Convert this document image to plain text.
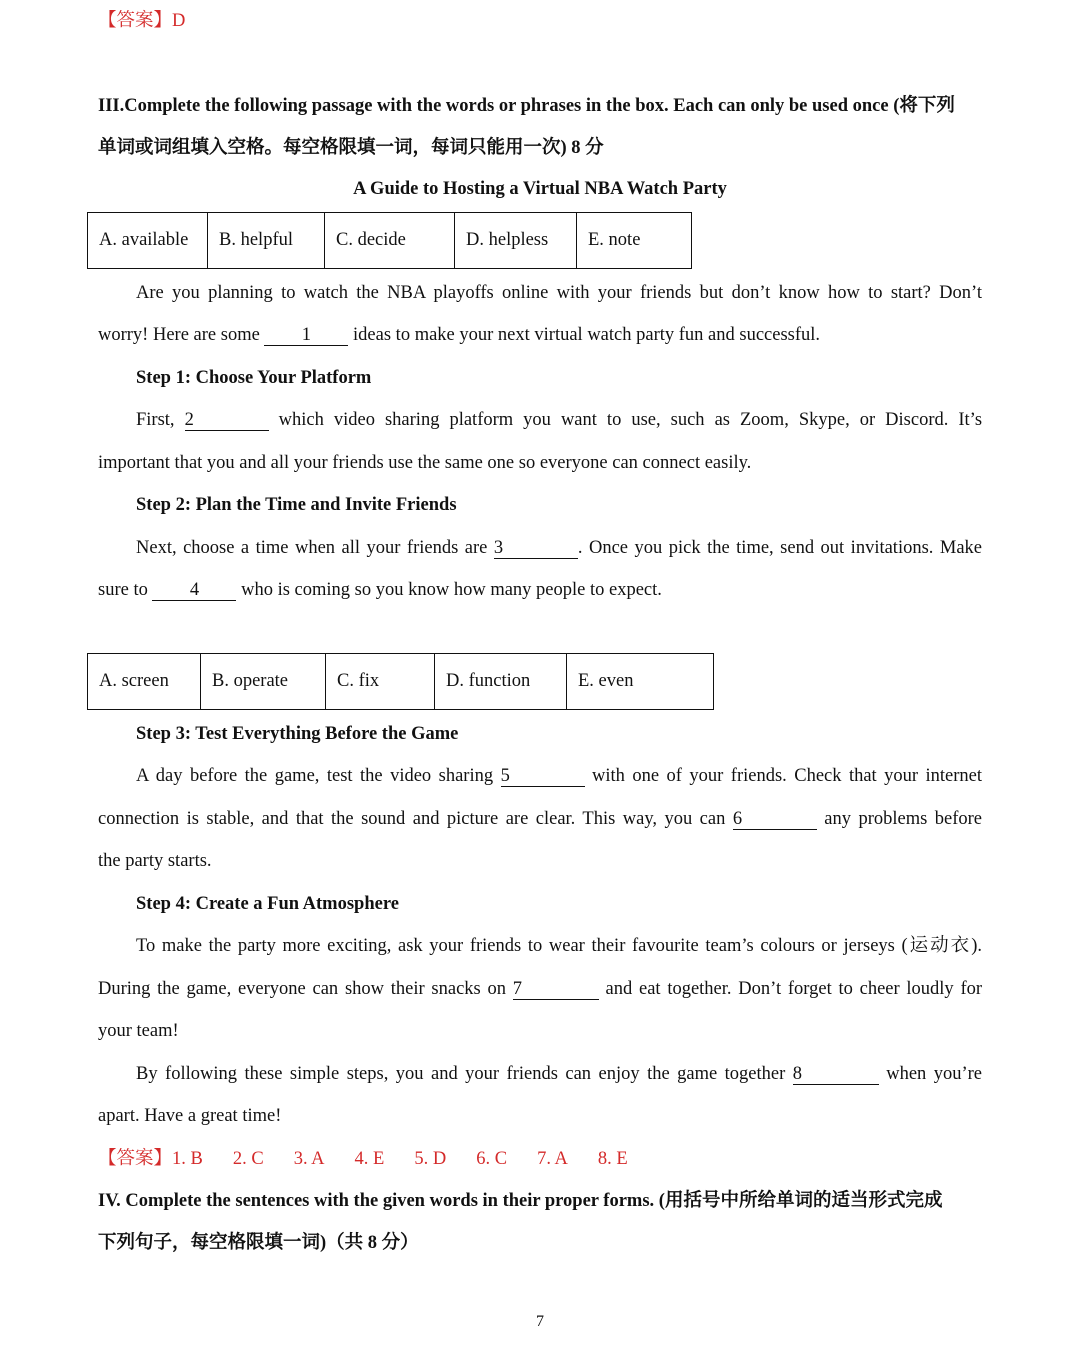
【答案】D
III.Complete the following passage with the words or phrases in the box. Each can only be used once (将下列
单词或词组填入空格。每空格限填一词，每词只能用一次) 8 分
A Guide to Hosting a Virtual NBA Watch Party
A. available	B. helpful	C. decide	D. helpless	E. note
Are you planning to watch the NBA playoffs online with your friends but don’t know how to start? Don’t
worry! Here are some 1 ideas to make your next virtual watch party fun and successful.
Step 1: Choose Your Platform
First, 2	which video sharing platform you want to use, such as Zoom, Skype, or Discord. It’s
important that you and all your friends use the same one so everyone can connect easily.
Step 2: Plan the Time and Invite Friends
Next, choose a time when all your friends are 3	. Once you pick the time, send out invitations. Make
sure to 4 who is coming so you know how many people to expect.
A. screen	B. operate	C. fix	D. function	E. even
Step 3: Test Everything Before the Game
A day before the game, test the video sharing 5	with one of your friends. Check that your internet
connection is stable, and that the sound and picture are clear. This way, you can 6	any problems before
the party starts.
Step 4: Create a Fun Atmosphere
To make the party more exciting, ask your friends to wear their favourite team’s colours or jerseys (运动衣).
During the game, everyone can show their snacks on 7	and eat together. Don’t forget to cheer loudly for
your team!
By following these simple steps, you and your friends can enjoy the game together 8	when you’re
apart. Have a great time!
【答案】1. B 2. C 3. A 4. E 5. D 6. C 7. A 8. E
IV. Complete the sentences with the given words in their proper forms. (用括号中所给单词的适当形式完成
下列句子，每空格限填一词)（共 8 分）
7
